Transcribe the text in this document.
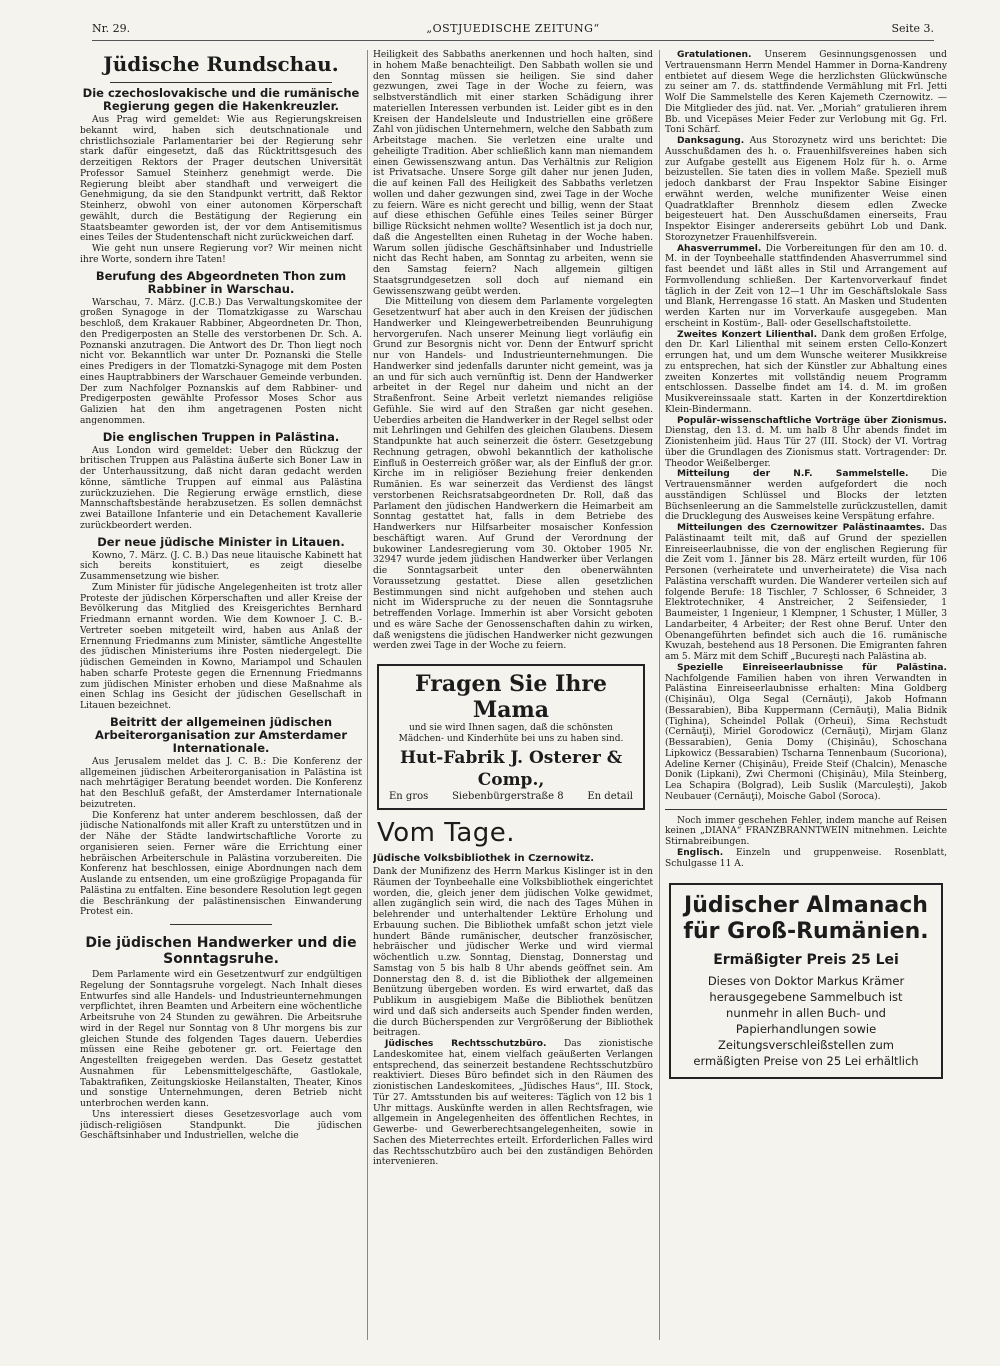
Nr. 29.	„OSTJUEDISCHE ZEITUNG“	Seite 3.
Jüdische Rundschau.
Die czechoslovakische und die rumänische Regierung gegen die Hakenkreuzler.

Aus Prag wird gemeldet: Wie aus Regierungskreisen bekannt wird, haben sich deutschnationale und christlichsoziale Parlamentarier bei der Regierung sehr stark dafür eingesetzt, daß das Rücktrittsgesuch des derzeitigen Rektors der Prager deutschen Universität Professor Samuel Steinherz genehmigt werde. Die Regierung bleibt aber standhaft und verweigert die Genehmigung, da sie den Standpunkt vertritt, daß Rektor Steinherz, obwohl von einer autonomen Körperschaft gewählt, durch die Bestätigung der Regierung ein Staatsbeamter geworden ist, der vor dem Antisemitismus eines Teiles der Studentenschaft nicht zurückweichen darf.

Wie geht nun unsere Regierung vor? Wir meinen nicht ihre Worte, sondern ihre Taten!

Berufung des Abgeordneten Thon zum Rabbiner in Warschau.

Warschau, 7. März. (J.C.B.) Das Verwaltungskomitee der großen Synagoge in der Tlomatzkigasse zu Warschau beschloß, dem Krakauer Rabbiner, Abgeordneten Dr. Thon, den Predigerposten an Stelle des verstorbenen Dr. Sch. A. Poznanski anzutragen. Die Antwort des Dr. Thon liegt noch nicht vor. Bekanntlich war unter Dr. Poznanski die Stelle eines Predigers in der Tlomatzki-Synagoge mit dem Posten eines Hauptrabbiners der Warschauer Gemeinde verbunden. Der zum Nachfolger Poznanskis auf dem Rabbiner- und Predigerposten gewählte Professor Moses Schor aus Galizien hat den ihm angetragenen Posten nicht angenommen.

Die englischen Truppen in Palästina.

Aus London wird gemeldet: Ueber den Rückzug der britischen Truppen aus Palästina äußerte sich Boner Law in der Unterhaussitzung, daß nicht daran gedacht werden könne, sämtliche Truppen auf einmal aus Palästina zurückzuziehen. Die Regierung erwäge ernstlich, diese Mannschaftsbestände herabzusetzen. Es sollen demnächst zwei Bataillone Infanterie und ein Detachement Kavallerie zurückbeordert werden.

Der neue jüdische Minister in Litauen.

Kowno, 7. März. (J. C. B.) Das neue litauische Kabinett hat sich bereits konstituiert, es zeigt dieselbe Zusammensetzung wie bisher.

Zum Minister für jüdische Angelegenheiten ist trotz aller Proteste der jüdischen Körperschaften und aller Kreise der Bevölkerung das Mitglied des Kreisgerichtes Bernhard Friedmann ernannt worden. Wie dem Kownoer J. C. B.-Vertreter soeben mitgeteilt wird, haben aus Anlaß der Ernennung Friedmanns zum Minister, sämtliche Angestellte des jüdischen Ministeriums ihre Posten niedergelegt. Die jüdischen Gemeinden in Kowno, Mariampol und Schaulen haben scharfe Proteste gegen die Ernennung Friedmanns zum jüdischen Minister erhoben und diese Maßnahme als einen Schlag ins Gesicht der jüdischen Gesellschaft in Litauen bezeichnet.

Beitritt der allgemeinen jüdischen Arbeiterorganisation zur Amsterdamer Internationale.

Aus Jerusalem meldet das J. C. B.: Die Konferenz der allgemeinen jüdischen Arbeiterorganisation in Palästina ist nach mehrtägiger Beratung beendet worden. Die Konferenz hat den Beschluß gefaßt, der Amsterdamer Internationale beizutreten.

Die Konferenz hat unter anderem beschlossen, daß der jüdische Nationalfonds mit aller Kraft zu unterstützen und in der Nähe der Städte landwirtschaftliche Vororte zu organisieren seien. Ferner wäre die Errichtung einer hebräischen Arbeiterschule in Palästina vorzubereiten. Die Konferenz hat beschlossen, einige Abordnungen nach dem Auslande zu entsenden, um eine großzügige Propaganda für Palästina zu entfalten. Eine besondere Resolution legt gegen die Beschränkung der palästinensischen Einwanderung Protest ein.

Die jüdischen Handwerker und die Sonntagsruhe.

Dem Parlamente wird ein Gesetzentwurf zur endgültigen Regelung der Sonntagsruhe vorgelegt. Nach Inhalt dieses Entwurfes sind alle Handels- und Industrieunternehmungen verpflichtet, ihren Beamten und Arbeitern eine wöchentliche Arbeitsruhe von 24 Stunden zu gewähren. Die Arbeitsruhe wird in der Regel nur Sonntag von 8 Uhr morgens bis zur gleichen Stunde des folgenden Tages dauern. Ueberdies müssen eine Reihe gebotener gr. ort. Feiertage den Angestellten freigegeben werden. Das Gesetz gestattet Ausnahmen für Lebensmittelgeschäfte, Gastlokale, Tabaktrafiken, Zeitungskioske Heilanstalten, Theater, Kinos und sonstige Unternehmungen, deren Betrieb nicht unterbrochen werden kann.

Uns interessiert dieses Gesetzesvorlage auch vom jüdisch-religiösen Standpunkt. Die jüdischen Geschäftsinhaber und Industriellen, welche die

Heiligkeit des Sabbaths anerkennen und hoch halten, sind in hohem Maße benachteiligt. Den Sabbath wollen sie und den Sonntag müssen sie heiligen. Sie sind daher gezwungen, zwei Tage in der Woche zu feiern, was selbstverständlich mit einer starken Schädigung ihrer materiellen Interessen verbunden ist. Leider gibt es in den Kreisen der Handelsleute und Industriellen eine größere Zahl von jüdischen Unternehmern, welche den Sabbath zum Arbeitstage machen. Sie verletzen eine uralte und geheiligte Tradition. Aber schließlich kann man niemandem einen Gewissenszwang antun. Das Verhältnis zur Religion ist Privatsache. Unsere Sorge gilt daher nur jenen Juden, die auf keinen Fall des Heiligkeit des Sabbaths verletzen wollen und daher gezwungen sind, zwei Tage in der Woche zu feiern. Wäre es nicht gerecht und billig, wenn der Staat auf diese ethischen Gefühle eines Teiles seiner Bürger billige Rücksicht nehmen wollte? Wesentlich ist ja doch nur, daß die Angestellten einen Ruhetag in der Woche haben. Warum sollen jüdische Geschäftsinhaber und Industrielle nicht das Recht haben, am Sonntag zu arbeiten, wenn sie den Samstag feiern? Nach allgemein giltigen Staatsgrundgesetzen soll doch auf niemand ein Gewissenszwang geübt werden.

Die Mitteilung von diesem dem Parlamente vorgelegten Gesetzentwurf hat aber auch in den Kreisen der jüdischen Handwerker und Kleingewerbetreibenden Beunruhigung hervorgerufen. Nach unserer Meinung liegt vorläufig ein Grund zur Besorgnis nicht vor. Denn der Entwurf spricht nur von Handels- und Industrieunternehmungen. Die Handwerker sind jedenfalls darunter nicht gemeint, was ja an und für sich auch vernünftig ist. Denn der Handwerker arbeitet in der Regel nur daheim und nicht an der Straßenfront. Seine Arbeit verletzt niemandes religiöse Gefühle. Sie wird auf den Straßen gar nicht gesehen. Ueberdies arbeiten die Handwerker in der Regel selbst oder mit Lehrlingen und Gehilfen des gleichen Glaubens. Diesem Standpunkte hat auch seinerzeit die österr. Gesetzgebung Rechnung getragen, obwohl bekanntlich der katholische Einfluß in Oesterreich größer war, als der Einfluß der gr.or. Kirche im in religiöser Beziehung freier denkenden Rumänien. Es war seinerzeit das Verdienst des längst verstorbenen Reichsratsabgeordneten Dr. Roll, daß das Parlament den jüdischen Handwerkern die Heimarbeit am Sonntag gestattet hat, falls in dem Betriebe des Handwerkers nur Hilfsarbeiter mosaischer Konfession beschäftigt waren. Auf Grund der Verordnung der bukowiner Landesregierung vom 30. Oktober 1905 Nr. 32947 wurde jedem jüdischen Handwerker über Verlangen die Sonntagsarbeit unter den obenerwähnten Voraussetzung gestattet. Diese allen gesetzlichen Bestimmungen sind nicht aufgehoben und stehen auch nicht im Widerspruche zu der neuen die Sonntagsruhe betreffenden Vorlage. Immerhin ist aber Vorsicht geboten und es wäre Sache der Genossenschaften dahin zu wirken, daß wenigstens die jüdischen Handwerker nicht gezwungen werden zwei Tage in der Woche zu feiern.

Fragen Sie Ihre Mama
und sie wird Ihnen sagen, daß die schönsten Mädchen- und Kinderhüte bei uns zu haben sind.
Hut-Fabrik J. Osterer & Comp.,
En gros Siebenbürgerstraße 8 En detail
Vom Tage.
Jüdische Volksbibliothek in Czernowitz.

Dank der Munifizenz des Herrn Markus Kislinger ist in den Räumen der Toynbeehalle eine Volksbibliothek eingerichtet worden, die, gleich jener dem jüdischen Volke gewidmet, allen zugänglich sein wird, die nach des Tages Mühen in belehrender und unterhaltender Lektüre Erholung und Erbauung suchen. Die Bibliothek umfaßt schon jetzt viele hundert Bände rumänischer, deutscher französischer, hebräischer und jüdischer Werke und wird viermal wöchentlich u.zw. Sonntag, Dienstag, Donnerstag und Samstag von 5 bis halb 8 Uhr abends geöffnet sein. Am Donnerstag den 8. d. ist die Bibliothek der allgemeinen Benützung übergeben worden. Es wird erwartet, daß das Publikum in ausgiebigem Maße die Bibliothek benützen wird und daß sich anderseits auch Spender finden werden, die durch Bücherspenden zur Vergrößerung der Bibliothek beitragen.

Jüdisches Rechtsschutzbüro. Das zionistische Landeskomitee hat, einem vielfach geäußerten Verlangen entsprechend, das seinerzeit bestandene Rechtsschutzbüro reaktiviert. Dieses Büro befindet sich in den Räumen des zionistischen Landeskomitees, „Jüdisches Haus“, III. Stock, Tür 27. Amtsstunden bis auf weiteres: Täglich von 12 bis 1 Uhr mittags. Auskünfte werden in allen Rechtsfragen, wie allgemein in Angelegenheiten des öffentlichen Rechtes, in Gewerbe- und Gewerberechtsangelegenheiten, sowie in Sachen des Mieterrechtes erteilt. Erforderlichen Falles wird das Rechtsschutzbüro auch bei den zuständigen Behörden intervenieren.

Gratulationen. Unserem Gesinnungsgenossen und Vertrauensmann Herrn Mendel Hammer in Dorna-Kandreny entbietet auf diesem Wege die herzlichsten Glückwünsche zu seiner am 7. ds. stattfindende Vermählung mit Frl. Jetti Wolf Die Sammelstelle des Keren Kajemeth Czernowitz. — Die Mitglieder des jüd. nat. Ver. „Moriah“ gratulieren ihrem Bb. und Vicepäses Meier Feder zur Verlobung mit Gg. Frl. Toni Schärf.

Danksagung. Aus Storozynetz wird uns berichtet: Die Ausschußdamen des h. o. Frauenhilfsvereines haben sich zur Aufgabe gestellt aus Eigenem Holz für h. o. Arme beizustellen. Sie taten dies in vollem Maße. Speziell muß jedoch dankbarst der Frau Inspektor Sabine Eisinger erwähnt werden, welche munifizenter Weise einen Quadratklafter Brennholz diesem edlen Zwecke beigesteuert hat. Den Ausschußdamen einerseits, Frau Inspektor Eisinger andererseits gebührt Lob und Dank. Storozynetzer Frauenhilfsverein.

Ahasverrummel. Die Vorbereitungen für den am 10. d. M. in der Toynbeehalle stattfindenden Ahasverrummel sind fast beendet und läßt alles in Stil und Arrangement auf Formvollendung schließen. Der Kartenvorverkauf findet täglich in der Zeit von 12—1 Uhr im Geschäftslokale Sass und Blank, Herrengasse 16 statt. An Masken und Studenten werden Karten nur im Vorverkaufe ausgegeben. Man erscheint in Kostüm-, Ball- oder Gesellschaftstoilette.

Zweites Konzert Lilienthal. Dank dem großen Erfolge, den Dr. Karl Lilienthal mit seinem ersten Cello-Konzert errungen hat, und um dem Wunsche weiterer Musikkreise zu entsprechen, hat sich der Künstler zur Abhaltung eines zweiten Konzertes mit vollständig neuem Programm entschlossen. Dasselbe findet am 14. d. M. im großen Musikvereinssaale statt. Karten in der Konzertdirektion Klein-Bindermann.

Populär-wissenschaftliche Vorträge über Zionismus. Dienstag, den 13. d. M. um halb 8 Uhr abends findet im Zionistenheim jüd. Haus Tür 27 (III. Stock) der VI. Vortrag über die Grundlagen des Zionismus statt. Vortragender: Dr. Theodor Weißelberger.

Mitteilung der N.F. Sammelstelle.	Die Vertrauensmänner werden aufgefordert die noch ausständigen Schlüssel und Blocks der letzten Büchsenleerung an die Sammelstelle zurückzustellen, damit die Drucklegung des Ausweises keine Verspätung erfahre.

Mitteilungen des Czernowitzer Palästinaamtes. Das Palästinaamt teilt mit, daß auf Grund der speziellen Einreiseerlaubnisse, die von der englischen Regierung für die Zeit vom 1. Jänner bis 28. März erteilt wurden, für 106 Personen (verheiratete und unverheiratete) die Visa nach Palästina verschafft wurden. Die Wanderer verteilen sich auf folgende Berufe: 18 Tischler, 7 Schlosser, 6 Schneider, 3 Elektrotechniker, 4 Anstreicher, 2 Seifensieder, 1 Baumeister, 1 Ingenieur, 1 Klempner, 1 Schuster, 1 Müller, 3 Landarbeiter, 4 Arbeiter; der Rest ohne Beruf. Unter den Obenangeführten befindet sich auch die 16. rumänische Kwuzah, bestehend aus 18 Personen. Die Emigranten fahren am 5. März mit dem Schiff „Bucureşti nach Palästina ab.

Spezielle Einreiseerlaubnisse für Palästina. Nachfolgende Familien haben von ihren Verwandten in Palästina Einreiseerlaubnisse erhalten: Mina Goldberg (Chişinău), Olga Segal (Cernăuţi), Jakob Hofmann (Bessarabien), Biba Kuppermann (Cernăuţi), Malia Bidnik (Tighina), Scheindel Pollak (Orheui), Sima Rechstudt (Cernăuţi), Miriel Gorodowicz (Cernăuţi), Mirjam Glanz (Bessarabien), Genia Domy (Chişinău), Schoschana Lipkowicz (Bessarabien) Tscharna Tennenbaum (Sucoriona), Adeline Kerner (Chişinău), Freide Steif (Chalcin), Menasche Donik (Lipkani), Zwi Chermoni (Chişinău), Mila Steinberg, Lea Schapira (Bolgrad), Leib Suslik (Marculeşti), Jakob Neubauer (Cernăuţi), Moische Gabol (Soroca).

Noch immer geschehen Fehler, indem manche auf Reisen keinen „DIANA“ FRANZBRANNTWEIN mitnehmen. Leichte Stirnabreibungen.

Englisch. Einzeln und gruppenweise. Rosenblatt, Schulgasse 11 A.

Jüdischer Almanach
für Groß-Rumänien.
Ermäßigter Preis 25 Lei
Dieses von Doktor Markus Krämer herausgegebene Sammelbuch ist nunmehr in allen Buch- und Papierhandlungen sowie Zeitungsverschleißstellen zum ermäßigten Preise von 25 Lei erhältlich
